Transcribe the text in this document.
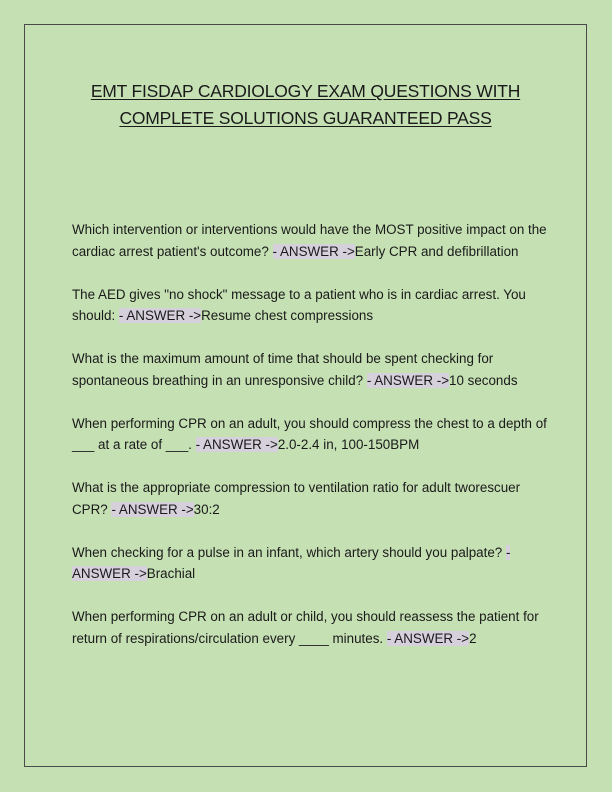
EMT FISDAP CARDIOLOGY EXAM QUESTIONS WITH
COMPLETE SOLUTIONS GUARANTEED PASS

Which intervention or interventions would have the MOST positive impact on the cardiac arrest patient's outcome? - ANSWER ->Early CPR and defibrillation

The AED gives "no shock" message to a patient who is in cardiac arrest. You should: - ANSWER ->Resume chest compressions

What is the maximum amount of time that should be spent checking for spontaneous breathing in an unresponsive child? - ANSWER ->10 seconds

When performing CPR on an adult, you should compress the chest to a depth of ___ at a rate of ___. - ANSWER ->2.0-2.4 in, 100-150BPM

What is the appropriate compression to ventilation ratio for adult tworescuer CPR? - ANSWER ->30:2

When checking for a pulse in an infant, which artery should you palpate? - ANSWER ->Brachial

When performing CPR on an adult or child, you should reassess the patient for return of respirations/circulation every ____ minutes. - ANSWER ->2
